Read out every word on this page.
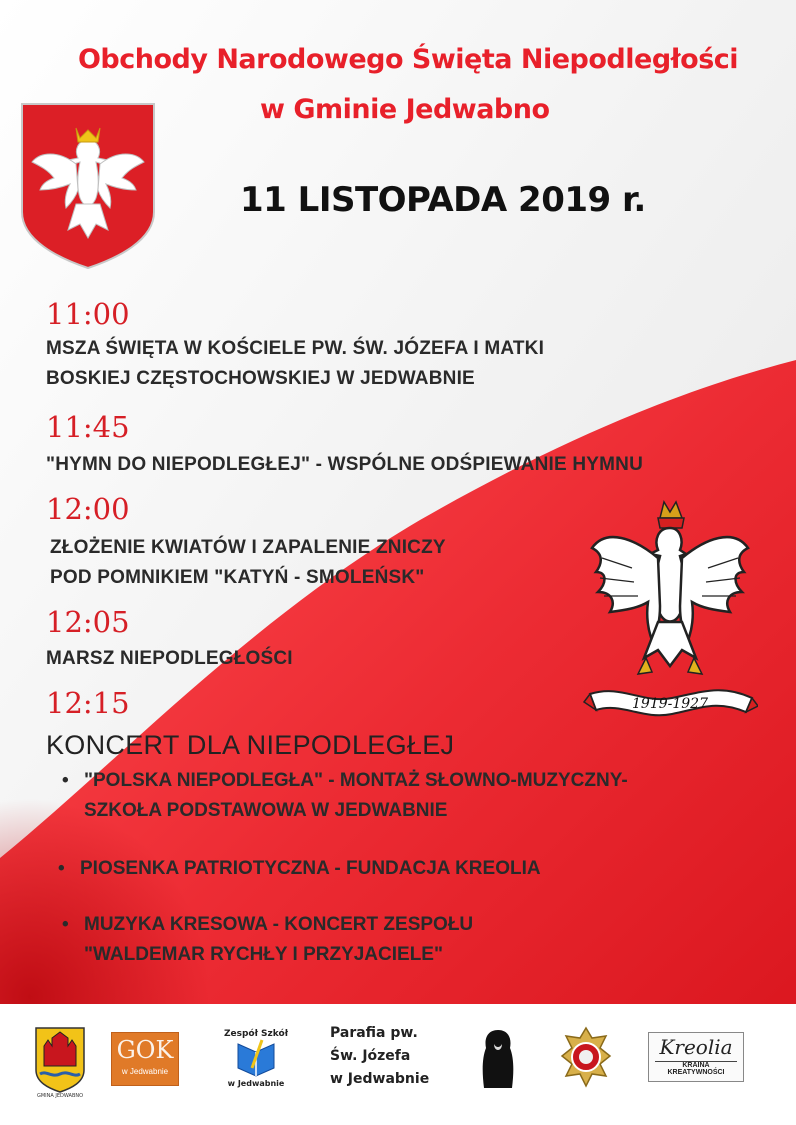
Obchody Narodowego Święta Niepodległości
w Gminie Jedwabno
11 LISTOPADA 2019 r.
11:00
MSZA ŚWIĘTA W KOŚCIELE PW. ŚW. JÓZEFA I MATKI
BOSKIEJ CZĘSTOCHOWSKIEJ W JEDWABNIE
11:45
"HYMN DO NIEPODLEGŁEJ" - WSPÓLNE ODŚPIEWANIE HYMNU
12:00
ZŁOŻENIE KWIATÓW I ZAPALENIE ZNICZY
POD POMNIKIEM "KATYŃ - SMOLEŃSK"
12:05
MARSZ NIEPODLEGŁOŚCI
12:15
KONCERT DLA NIEPODLEGŁEJ
• "POLSKA NIEPODLEGŁA" - MONTAŻ SŁOWNO-MUZYCZNY-
SZKOŁA PODSTAWOWA W JEDWABNIE
• PIOSENKA PATRIOTYCZNA - FUNDACJA KREOLIA
• MUZYKA KRESOWA - KONCERT ZESPOŁU
"WALDEMAR RYCHŁY I PRZYJACIELE"
1919-1927
GMINA JEDWABNO
GOK
w Jedwabnie
Zespół Szkół
w Jedwabnie
Parafia pw.
Św. Józefa
w Jedwabnie
Kreolia
KRAINA KREATYWNOŚCI
